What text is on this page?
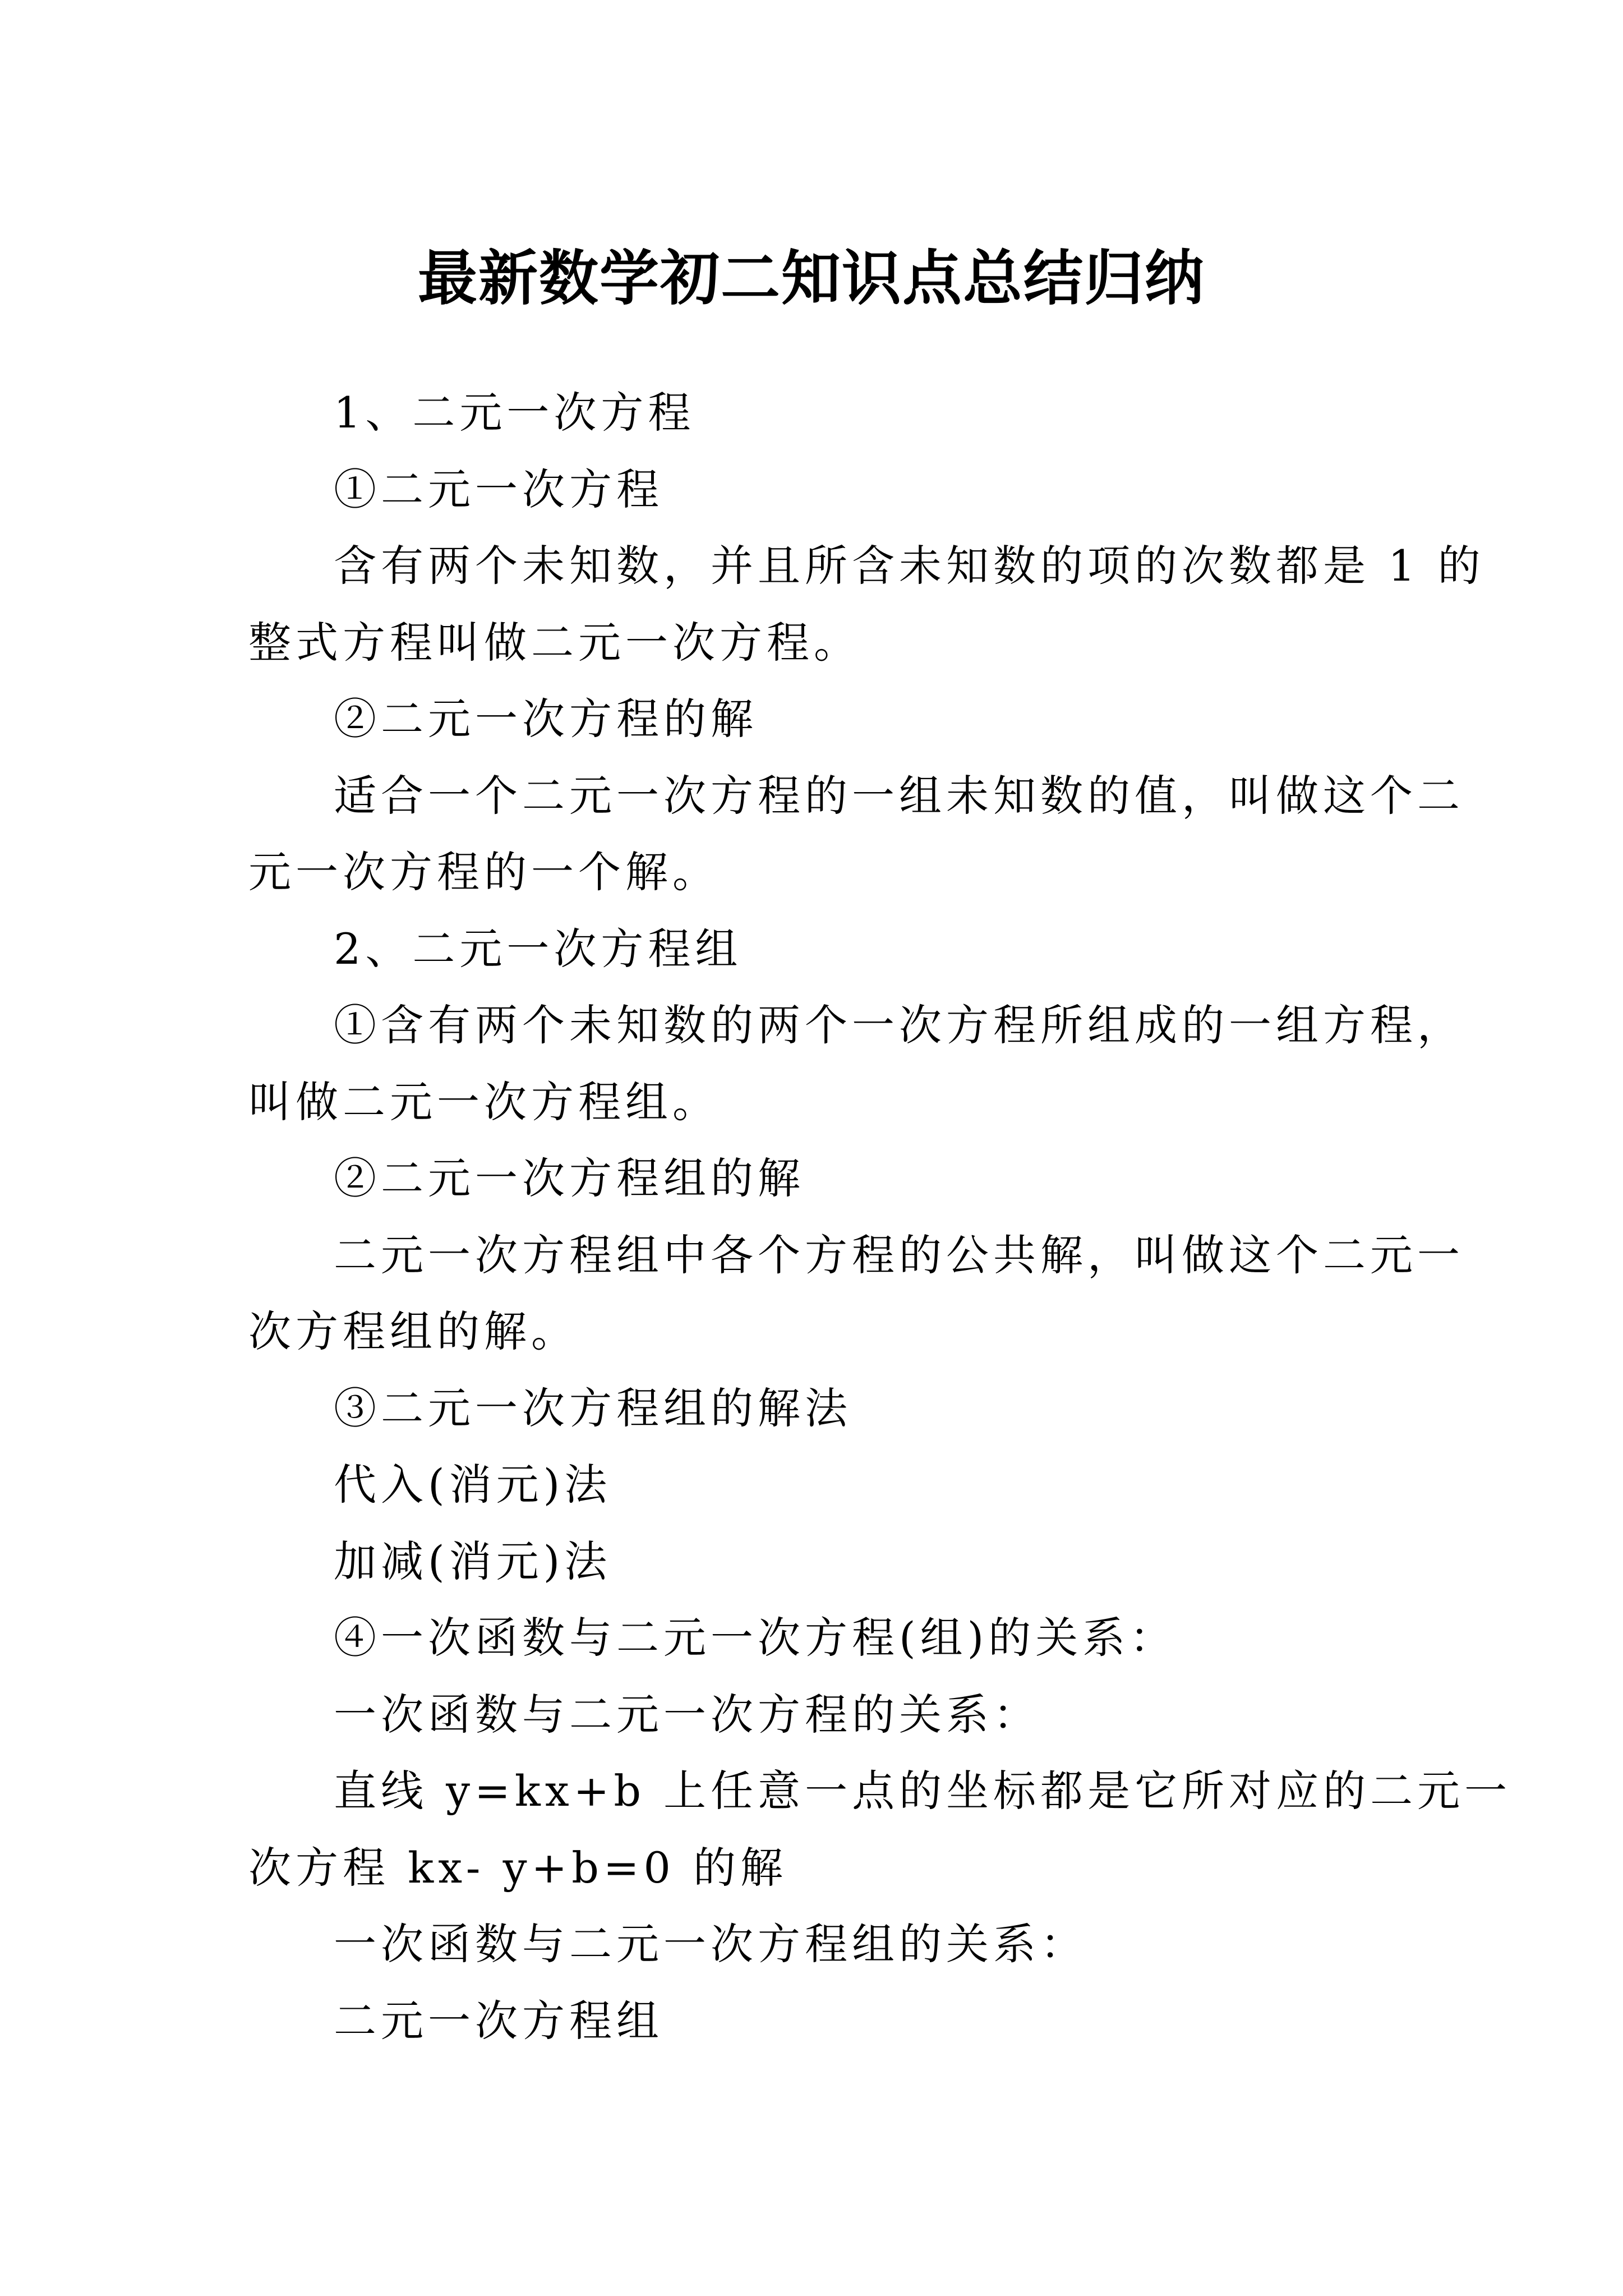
最新数学初二知识点总结归纳

1、二元一次方程

①二元一次方程

含有两个未知数，并且所含未知数的项的次数都是 1 的

整式方程叫做二元一次方程。

②二元一次方程的解

适合一个二元一次方程的一组未知数的值，叫做这个二

元一次方程的一个解。

2、二元一次方程组

①含有两个未知数的两个一次方程所组成的一组方程，

叫做二元一次方程组。

②二元一次方程组的解

二元一次方程组中各个方程的公共解，叫做这个二元一

次方程组的解。

③二元一次方程组的解法

代入(消元)法

加减(消元)法

④一次函数与二元一次方程(组)的关系：

一次函数与二元一次方程的关系：

直线 y=kx+b 上任意一点的坐标都是它所对应的二元一

次方程 kx- y+b=0 的解

一次函数与二元一次方程组的关系：

二元一次方程组
